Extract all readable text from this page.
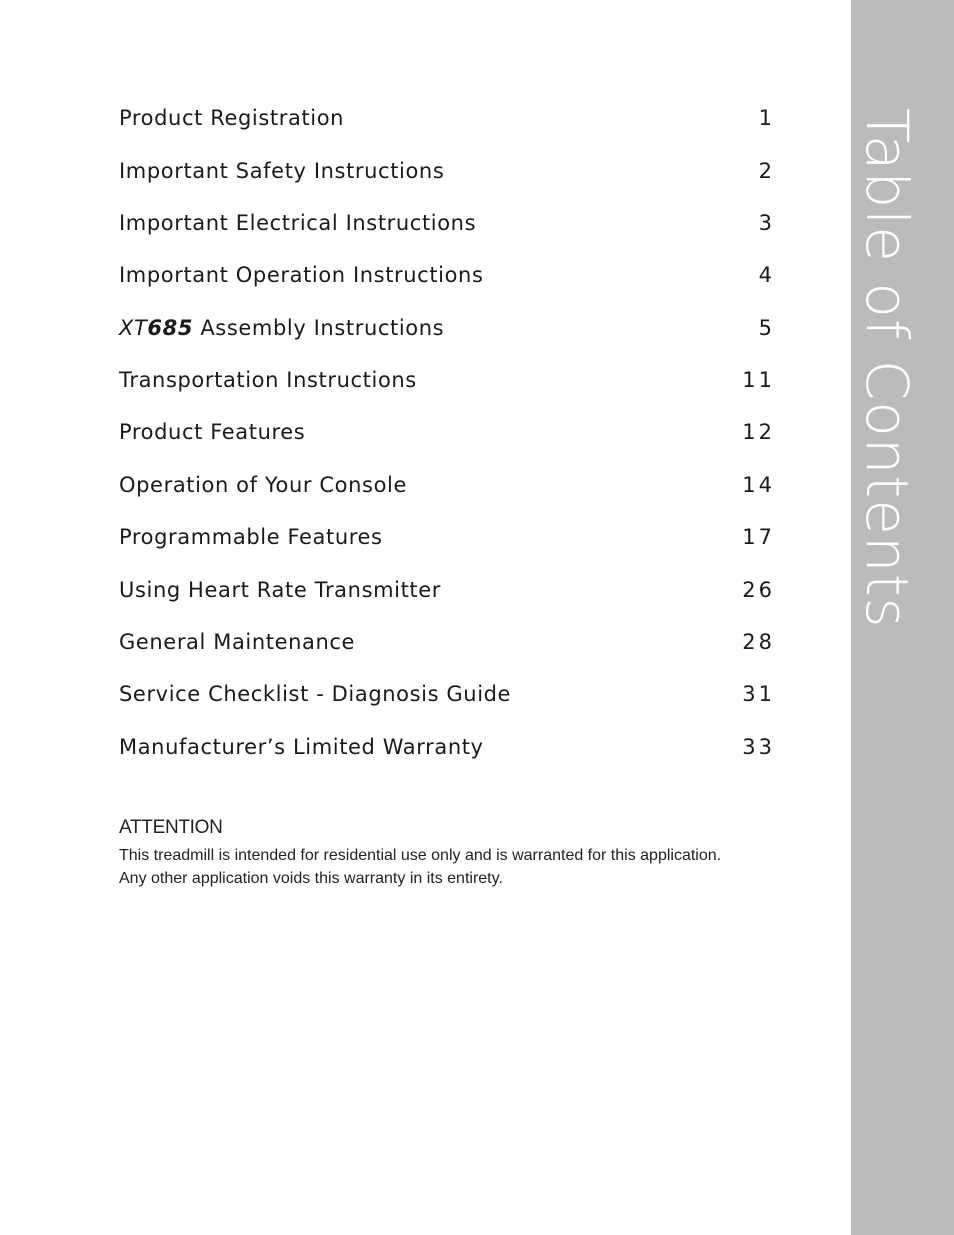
Table of Contents
Product Registration	1
Important Safety Instructions	2
Important Electrical Instructions	3
Important Operation Instructions	4
XT685 Assembly Instructions	5
Transportation Instructions	11
Product Features	12
Operation of Your Console	14
Programmable Features	17
Using Heart Rate Transmitter	26
General Maintenance	28
Service Checklist - Diagnosis Guide	31
Manufacturer’s Limited Warranty	33

ATTENTION

This treadmill is intended for residential use only and is warranted for this application.

Any other application voids this warranty in its entirety.
